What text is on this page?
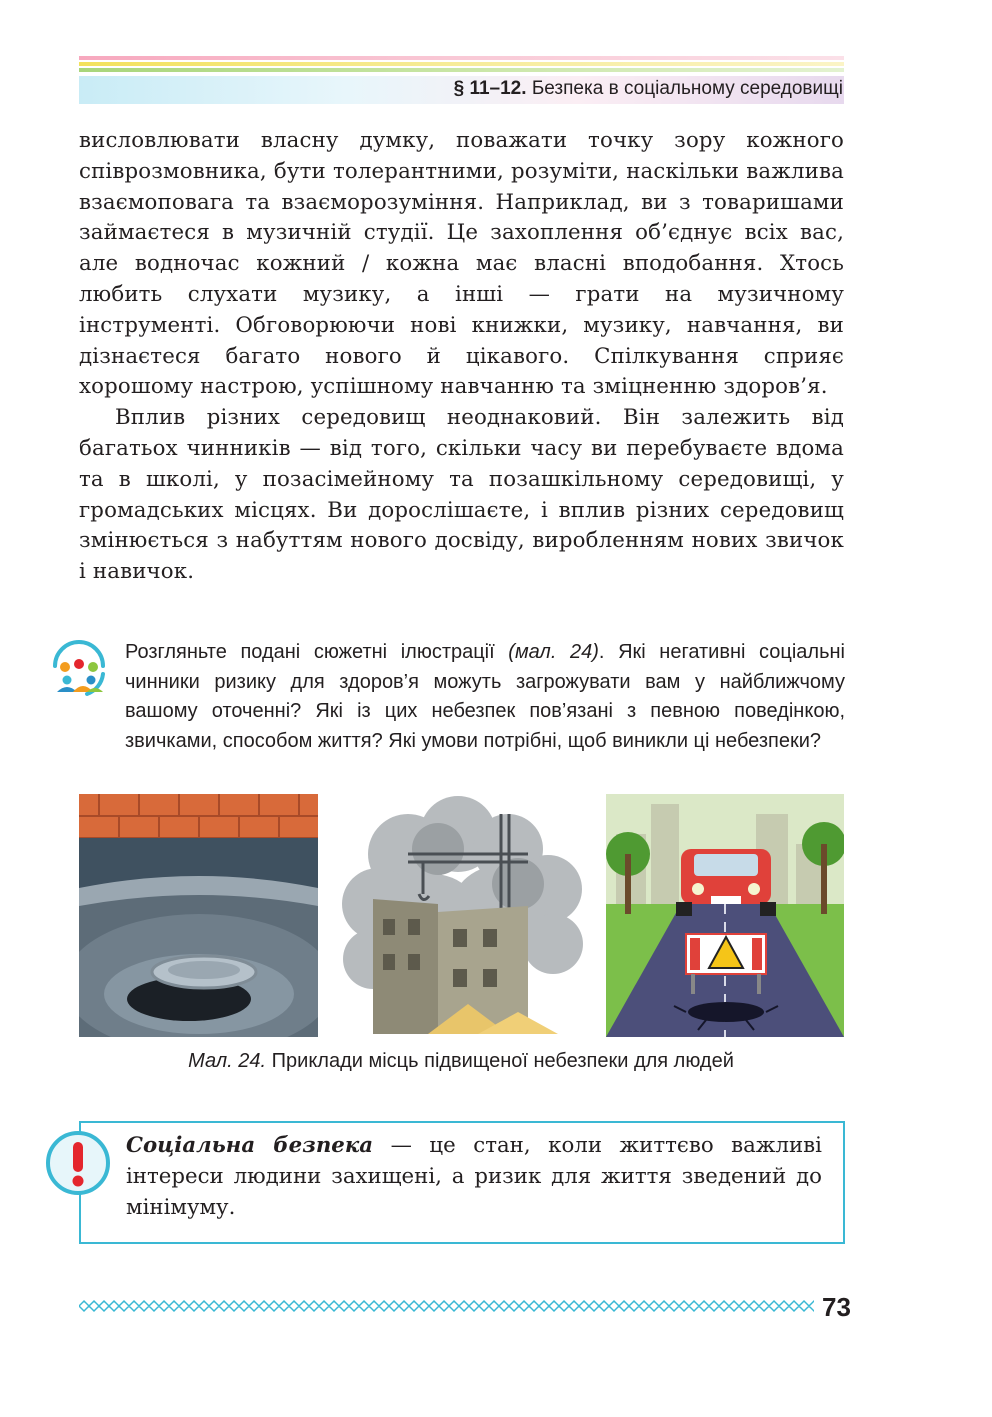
§ 11–12. Безпека в соціальному середовищі

висловлювати власну думку, поважати точку зору кожного співрозмовника, бути толерантними, розуміти, наскільки важлива взаємоповага та взаєморозуміння. Наприклад, ви з товаришами займаєтеся в музичній студії. Це захоплення об’єднує всіх вас, але водночас кожний / кожна має власні вподобання. Хтось любить слухати музику, а інші — грати на музичному інструменті. Обговорюючи нові книжки, музику, навчання, ви дізнаєтеся багато нового й цікавого. Спілкування сприяє хорошому настрою, успішному навчанню та зміцненню здоров’я.

Вплив різних середовищ неоднаковий. Він залежить від багатьох чинників — від того, скільки часу ви перебуваєте вдома та в школі, у позасімейному та позашкільному середовищі, у громадських місцях. Ви дорослішаєте, і вплив різних середовищ змінюється з набуттям нового досвіду, виробленням нових звичок і навичок.

Розгляньте подані сюжетні ілюстрації (мал. 24). Які негативні соціальні чинники ризику для здоров’я можуть загрожувати вам у найближчому вашому оточенні? Які із цих небезпек пов’язані з певною поведінкою, звичками, способом життя? Які умови потрібні, щоб виникли ці небезпеки?
Мал. 24. Приклади місць підвищеної небезпеки для людей
Соціальна безпека — це стан, коли життєво важливі інтереси людини захищені, а ризик для життя зведений до мінімуму.
73
